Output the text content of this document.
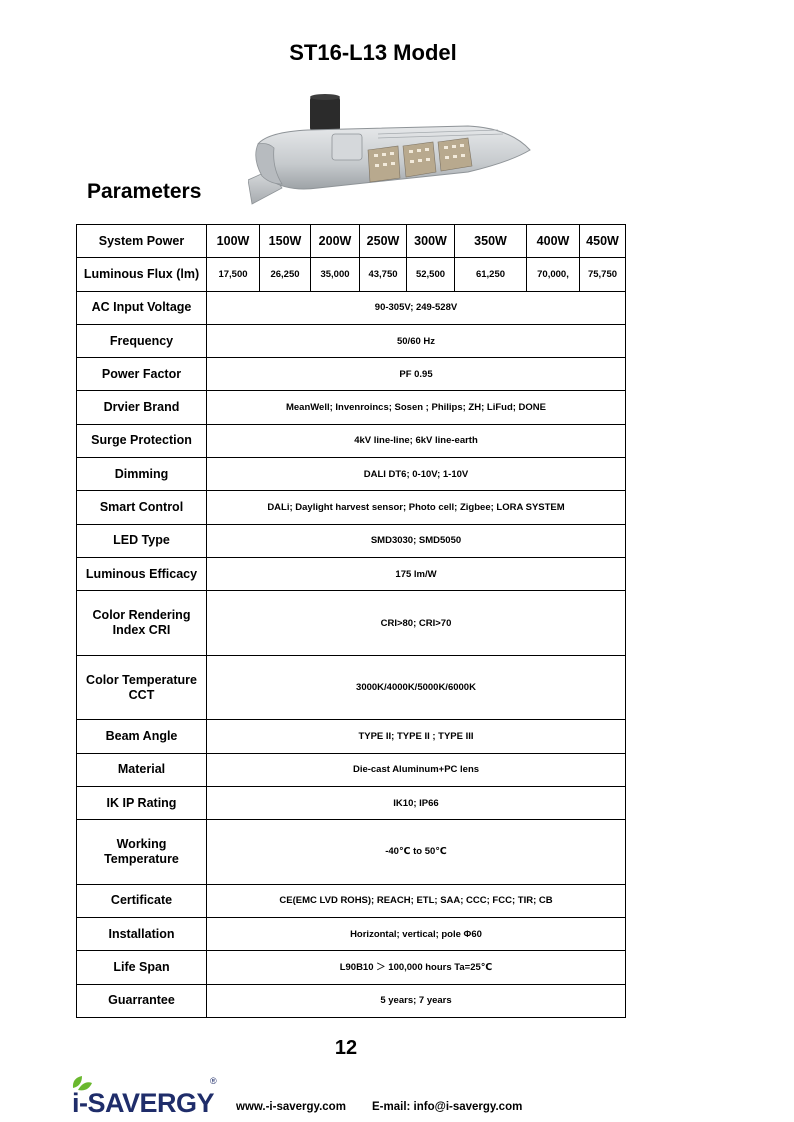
ST16-L13 Model
Parameters
System Power	100W	150W	200W	250W	300W	350W	400W	450W
Luminous Flux (lm)	17,500	26,250	35,000	43,750	52,500	61,250	70,000,	75,750
AC Input Voltage	90-305V; 249-528V							
Frequency	50/60 Hz							
Power Factor	PF 0.95							
Drvier Brand	MeanWell; Invenroincs; Sosen ; Philips; ZH; LiFud; DONE							
Surge Protection	4kV line-line; 6kV line-earth							
Dimming	DALI DT6; 0-10V; 1-10V							
Smart Control	DALi; Daylight harvest sensor; Photo cell; Zigbee; LORA SYSTEM							
LED Type	SMD3030; SMD5050							
Luminous Efficacy	175 lm/W							
Color Rendering Index CRI	CRI>80; CRI>70							
Color Temperature CCT	3000K/4000K/5000K/6000K							
Beam Angle	TYPE II; TYPE II ; TYPE III							
Material	Die-cast Aluminum+PC lens							
IK IP Rating	IK10; IP66							
Working Temperature	-40℃ to 50℃							
Certificate	CE(EMC LVD ROHS); REACH; ETL; SAA; CCC; FCC; TIR; CB							
Installation	Horizontal; vertical; pole Φ60							
Life Span	L90B10 ＞ 100,000 hours Ta=25℃							
Guarrantee	5 years; 7 years							
12
i-SAVERGY
®
www.-i-savergy.com E-mail: info@i-savergy.com
